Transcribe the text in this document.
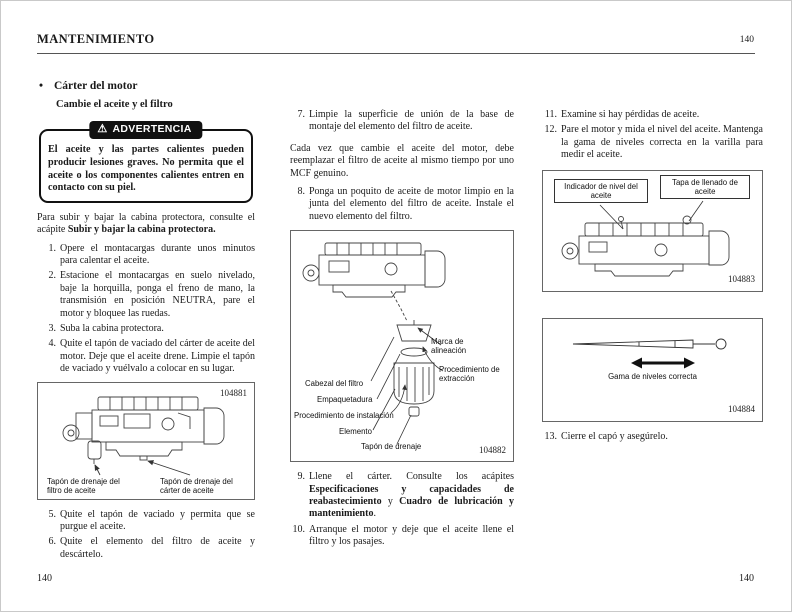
MANTENIMIENTO	140
• Cárter del motor
Cambie el aceite y el filtro
⚠ ADVERTENCIA
El aceite y las partes calientes pueden producir lesiones graves. No permita que el aceite o los componentes calientes entren en contacto con su piel.

Para subir y bajar la cabina protectora, consulte el acápite Subir y bajar la cabina protectora.

1. Opere el montacargas durante unos minutos para calentar el aceite.
2. Estacione el montacargas en suelo nivelado, baje la horquilla, ponga el freno de mano, la transmisión en posición NEUTRA, pare el motor y bloquee las ruedas.
3. Suba la cabina protectora.
4. Quite el tapón de vaciado del cárter de aceite del motor. Deje que el aceite drene. Limpie el tapón de vaciado y vuélvalo a colocar en su lugar.
104881
Tapón de drenaje del filtro de aceite
Tapón de drenaje del cárter de aceite
5. Quite el tapón de vaciado y permita que se purgue el aceite.
6. Quite el elemento del filtro de aceite y descártelo.
7. Limpie la superficie de unión de la base de montaje del elemento del filtro de aceite.

Cada vez que cambie el aceite del motor, debe reemplazar el filtro de aceite al mismo tiempo por uno MCF genuino.

8. Ponga un poquito de aceite de motor limpio en la junta del elemento del filtro de aceite. Instale el nuevo elemento del filtro.
Marca de alineación
Procedimiento de extracción
Cabezal del filtro
Empaquetadura
Procedimiento de instalación
Elemento
Tapón de drenaje	104882
9. Llene el cárter. Consulte los acápites Especificaciones y capacidades de reabastecimiento y Cuadro de lubricación y mantenimiento.
10. Arranque el motor y deje que el aceite llene el filtro y los pasajes.
11. Examine si hay pérdidas de aceite.
12. Pare el motor y mida el nivel del aceite. Mantenga la gama de niveles correcta en la varilla para medir el aceite.
Indicador de nivel del aceite
Tapa de llenado de aceite
104883
Gama de niveles correcta
104884
13. Cierre el capó y asegúrelo.
140	140
